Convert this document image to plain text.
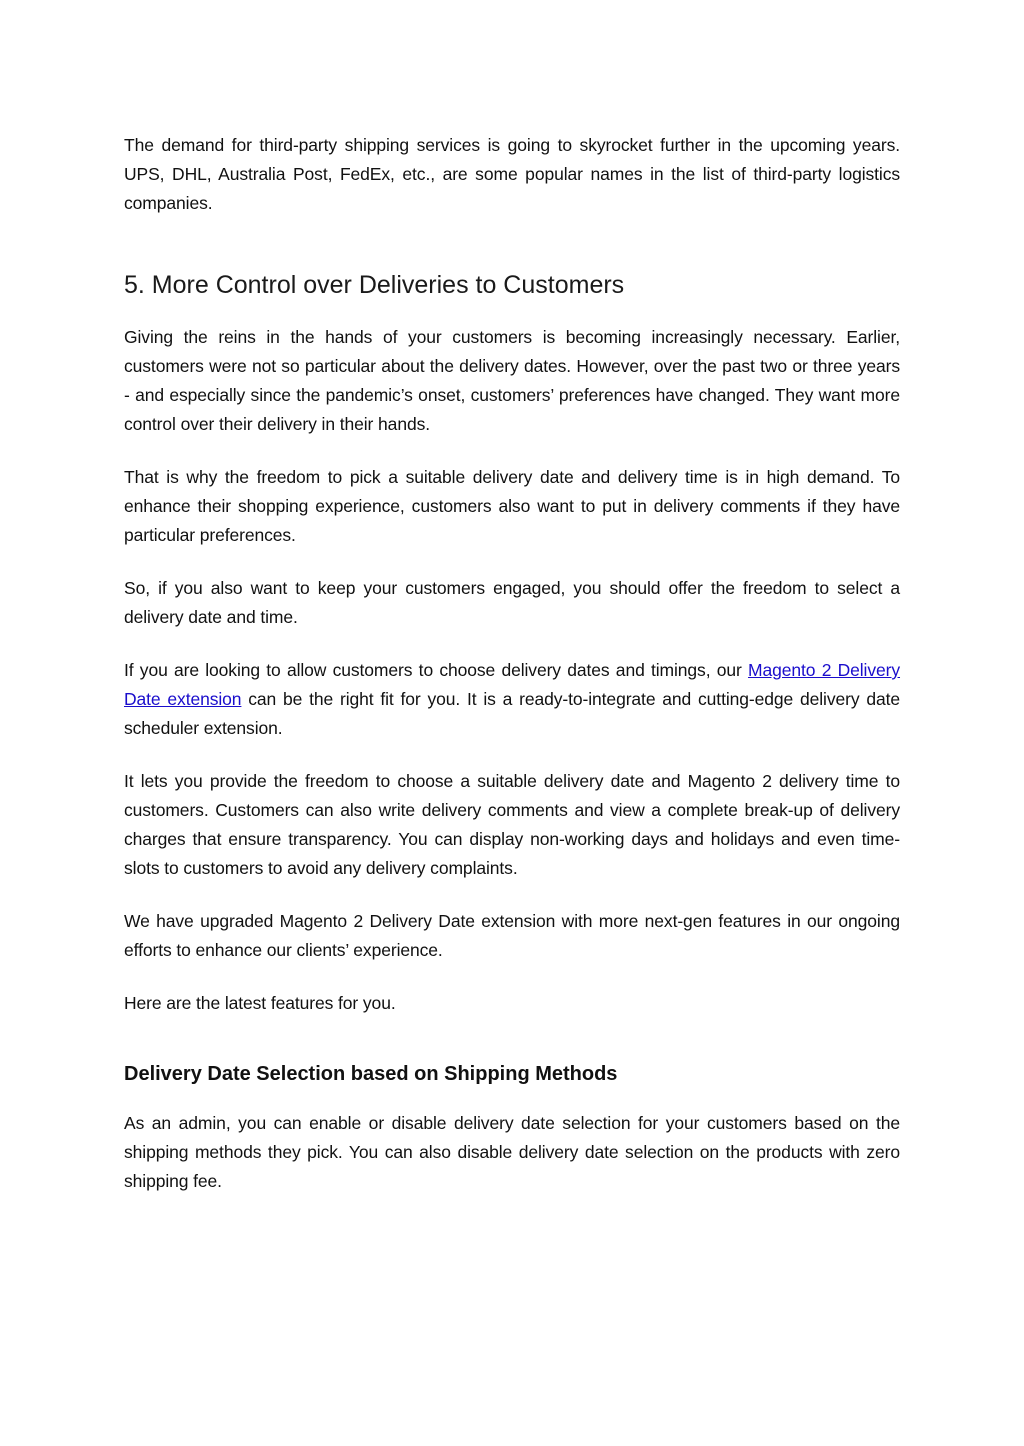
The demand for third-party shipping services is going to skyrocket further in the upcoming years. UPS, DHL, Australia Post, FedEx, etc., are some popular names in the list of third-party logistics companies.

5. More Control over Deliveries to Customers

Giving the reins in the hands of your customers is becoming increasingly necessary. Earlier, customers were not so particular about the delivery dates. However, over the past two or three years - and especially since the pandemic’s onset, customers’ preferences have changed. They want more control over their delivery in their hands.

That is why the freedom to pick a suitable delivery date and delivery time is in high demand. To enhance their shopping experience, customers also want to put in delivery comments if they have particular preferences.

So, if you also want to keep your customers engaged, you should offer the freedom to select a delivery date and time.

If you are looking to allow customers to choose delivery dates and timings, our Magento 2 Delivery Date extension can be the right fit for you. It is a ready-to-integrate and cutting-edge delivery date scheduler extension.

It lets you provide the freedom to choose a suitable delivery date and Magento 2 delivery time to customers. Customers can also write delivery comments and view a complete break-up of delivery charges that ensure transparency. You can display non-working days and holidays and even time-slots to customers to avoid any delivery complaints.

We have upgraded Magento 2 Delivery Date extension with more next-gen features in our ongoing efforts to enhance our clients’ experience.

Here are the latest features for you.

Delivery Date Selection based on Shipping Methods

As an admin, you can enable or disable delivery date selection for your customers based on the shipping methods they pick. You can also disable delivery date selection on the products with zero shipping fee.
